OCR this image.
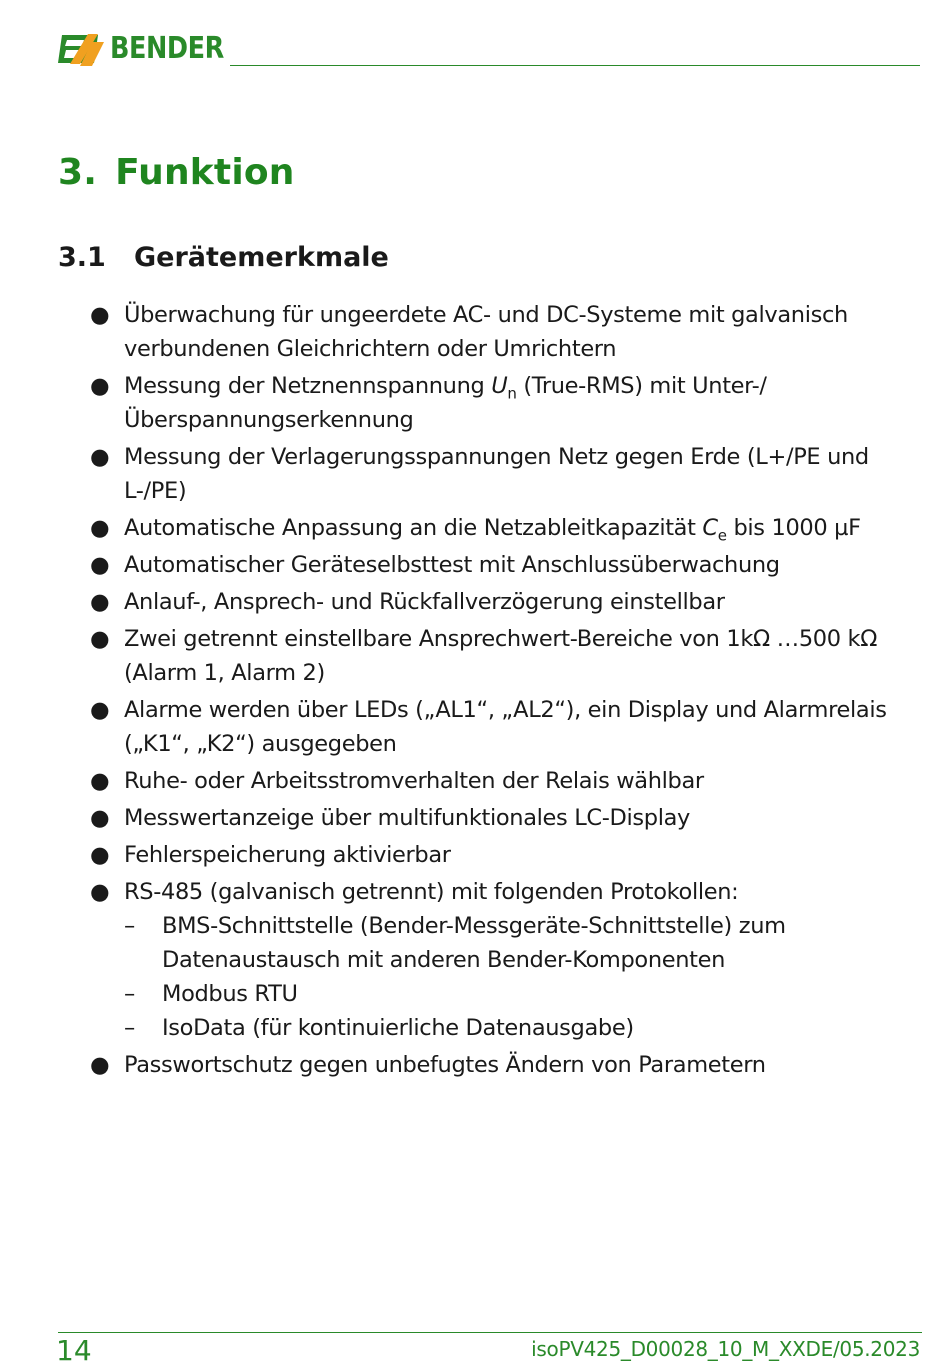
BENDER
3. Funktion
3.1 Gerätemerkmale
● Überwachung für ungeerdete AC- und DC-Systeme mit galvanisch verbundenen Gleichrichtern oder Umrichtern
● Messung der Netznennspannung $U_n$ (True-RMS) mit Unter-/Überspannungserkennung
● Messung der Verlagerungsspannungen Netz gegen Erde (L+/PE und L-/PE)
● Automatische Anpassung an die Netzableitkapazität $C_e$ bis 1000 µF
● Automatischer Geräteselbsttest mit Anschlussüberwachung
● Anlauf-, Ansprech- und Rückfallverzögerung einstellbar
● Zwei getrennt einstellbare Ansprechwert-Bereiche von 1kΩ …500 kΩ (Alarm 1, Alarm 2)
● Alarme werden über LEDs („AL1“, „AL2“), ein Display und Alarmrelais („K1“, „K2“) ausgegeben
● Ruhe- oder Arbeitsstromverhalten der Relais wählbar
● Messwertanzeige über multifunktionales LC-Display
● Fehlerspeicherung aktivierbar
● RS-485 (galvanisch getrennt) mit folgenden Protokollen:
– BMS-Schnittstelle (Bender-Messgeräte-Schnittstelle) zum Datenaustausch mit anderen Bender-Komponenten
– Modbus RTU
– IsoData (für kontinuierliche Datenausgabe)
● Passwortschutz gegen unbefugtes Ändern von Parametern
14	isoPV425_D00028_10_M_XXDE/05.2023
